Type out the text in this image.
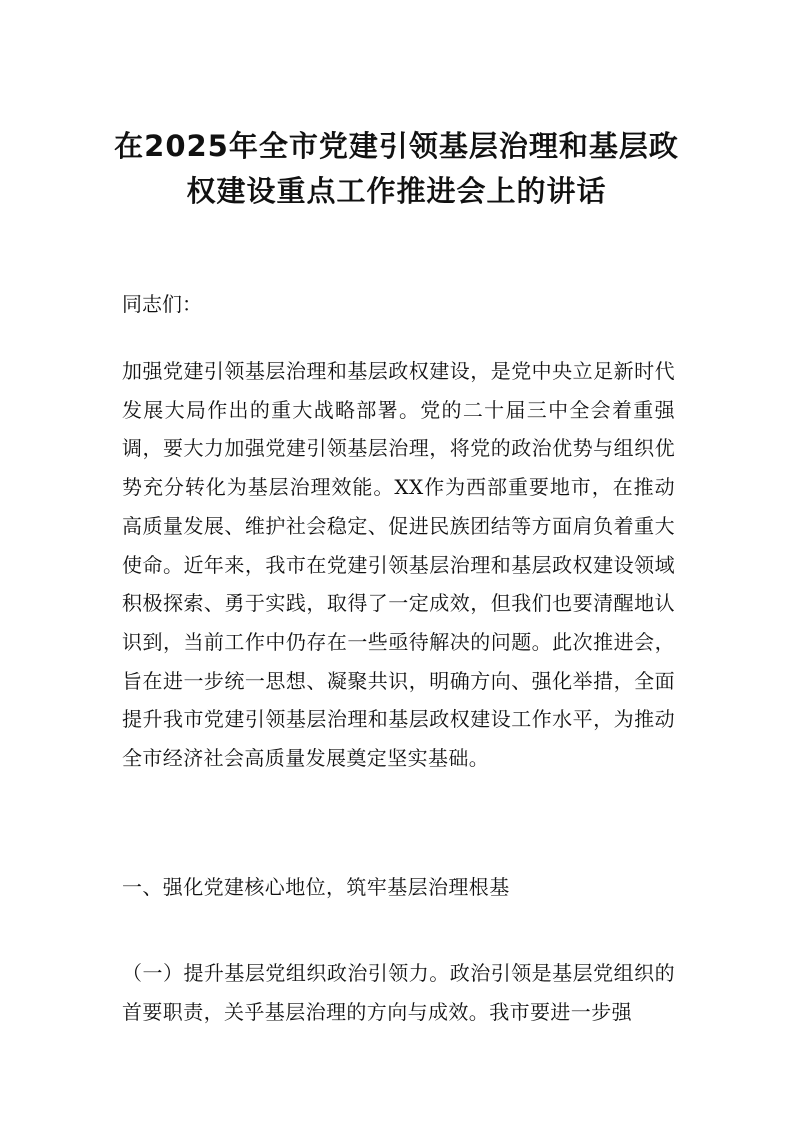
在2025年全市党建引领基层治理和基层政
权建设重点工作推进会上的讲话

同志们：

加强党建引领基层治理和基层政权建设，是党中央立足新时代发展大局作出的重大战略部署。党的二十届三中全会着重强调，要大力加强党建引领基层治理，将党的政治优势与组织优势充分转化为基层治理效能。XX作为西部重要地市，在推动高质量发展、维护社会稳定、促进民族团结等方面肩负着重大使命。近年来，我市在党建引领基层治理和基层政权建设领域积极探索、勇于实践，取得了一定成效，但我们也要清醒地认识到，当前工作中仍存在一些亟待解决的问题。此次推进会，旨在进一步统一思想、凝聚共识，明确方向、强化举措，全面提升我市党建引领基层治理和基层政权建设工作水平，为推动全市经济社会高质量发展奠定坚实基础。

一、强化党建核心地位，筑牢基层治理根基

（一）提升基层党组织政治引领力。政治引领是基层党组织的首要职责，关乎基层治理的方向与成效。我市要进一步强
